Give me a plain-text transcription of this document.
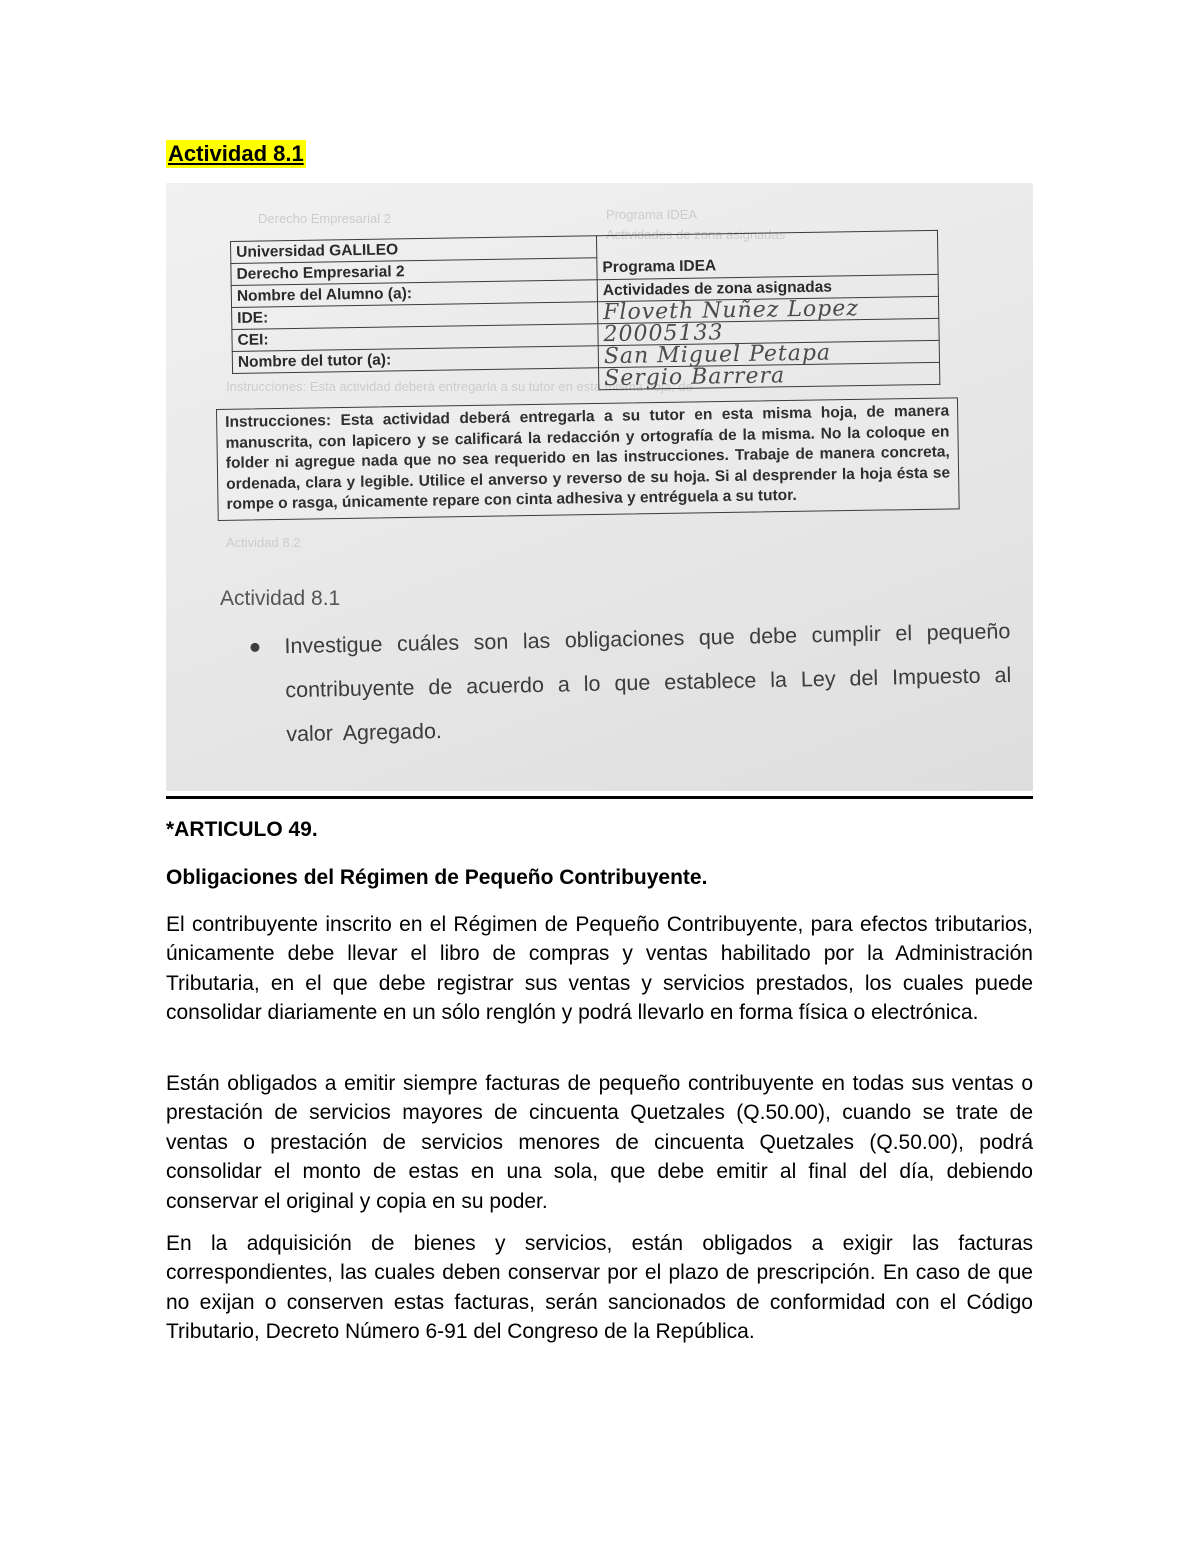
Actividad 8.1
Derecho Empresarial 2	Programa IDEA
Actividades de zona asignadas
Instrucciones: Esta actividad deberá entregarla a su tutor en esta misma hoja, de
Actividad 8.2
Universidad GALILEO	
Derecho Empresarial 2	Programa IDEA
Nombre del Alumno (a):	Actividades de zona asignadas
IDE:	Floveth Nuñez Lopez
CEI:	20005133
Nombre del tutor (a):	San Miguel Petapa
	Sergio Barrera
Instrucciones: Esta actividad deberá entregarla a su tutor en esta misma hoja, de manera manuscrita, con lapicero y se calificará la redacción y ortografía de la misma. No la coloque en folder ni agregue nada que no sea requerido en las instrucciones. Trabaje de manera concreta, ordenada, clara y legible. Utilice el anverso y reverso de su hoja. Si al desprender la hoja ésta se rompe o rasga, únicamente repare con cinta adhesiva y entréguela a su tutor.
Actividad 8.1
Investigue cuáles son las obligaciones que debe cumplir el pequeño contribuyente de acuerdo a lo que establece la Ley del Impuesto al valor Agregado.
*ARTICULO 49.
Obligaciones del Régimen de Pequeño Contribuyente.

El contribuyente inscrito en el Régimen de Pequeño Contribuyente, para efectos tributarios, únicamente debe llevar el libro de compras y ventas habilitado por la Administración Tributaria, en el que debe registrar sus ventas y servicios prestados, los cuales puede consolidar diariamente en un sólo renglón y podrá llevarlo en forma física o electrónica.

Están obligados a emitir siempre facturas de pequeño contribuyente en todas sus ventas o prestación de servicios mayores de cincuenta Quetzales (Q.50.00), cuando se trate de ventas o prestación de servicios menores de cincuenta Quetzales (Q.50.00), podrá consolidar el monto de estas en una sola, que debe emitir al final del día, debiendo conservar el original y copia en su poder.

En la adquisición de bienes y servicios, están obligados a exigir las facturas correspondientes, las cuales deben conservar por el plazo de prescripción. En caso de que no exijan o conserven estas facturas, serán sancionados de conformidad con el Código Tributario, Decreto Número 6-91 del Congreso de la República.
